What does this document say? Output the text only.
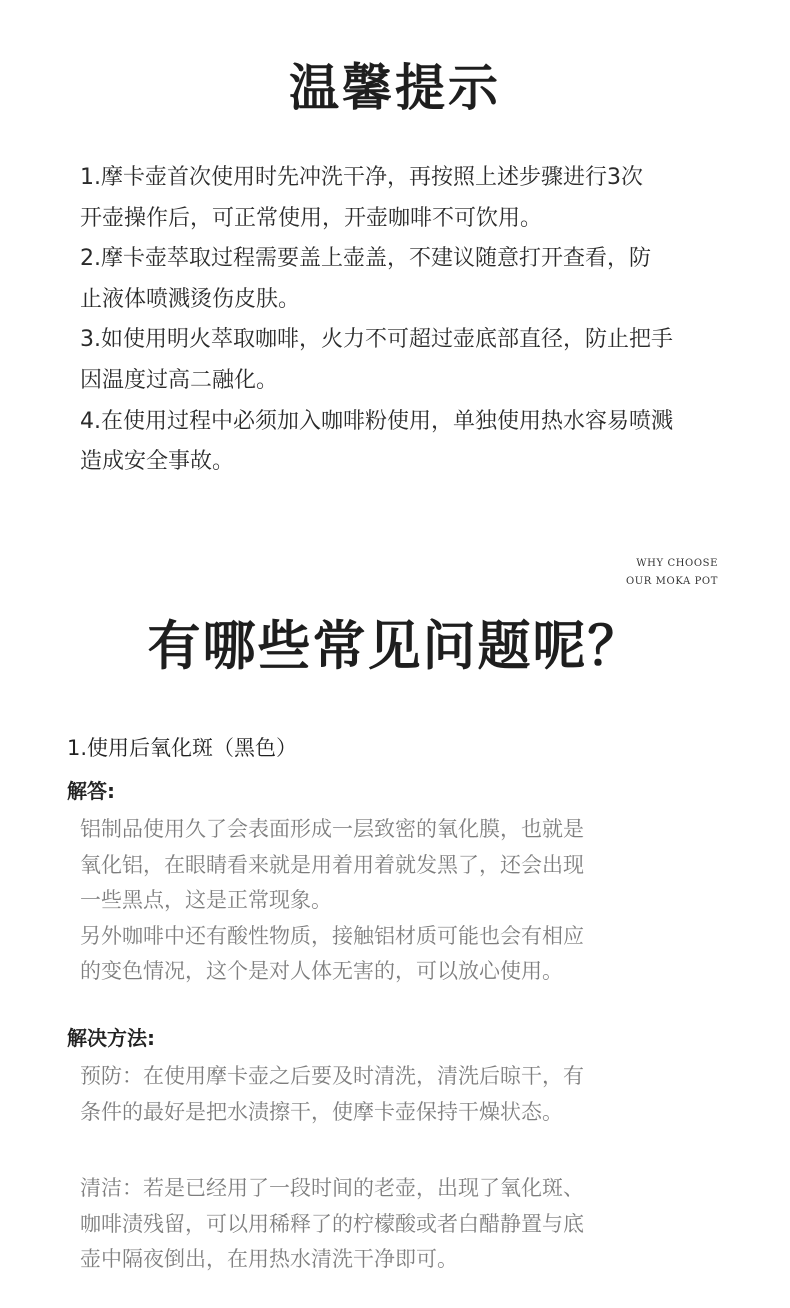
温馨提示
1.摩卡壶首次使用时先冲洗干净，再按照上述步骤进行3次
开壶操作后，可正常使用，开壶咖啡不可饮用。
2.摩卡壶萃取过程需要盖上壶盖，不建议随意打开查看，防
止液体喷溅烫伤皮肤。
3.如使用明火萃取咖啡，火力不可超过壶底部直径，防止把手
因温度过高二融化。
4.在使用过程中必须加入咖啡粉使用，单独使用热水容易喷溅
造成安全事故。
WHY CHOOSE
OUR MOKA POT
有哪些常见问题呢？
1.使用后氧化斑（黑色）
解答:

铝制品使用久了会表面形成一层致密的氧化膜，也就是

氧化铝，在眼睛看来就是用着用着就发黑了，还会出现

一些黑点，这是正常现象。

另外咖啡中还有酸性物质，接触铝材质可能也会有相应

的变色情况，这个是对人体无害的，可以放心使用。

解决方法:

预防：在使用摩卡壶之后要及时清洗，清洗后晾干，有

条件的最好是把水渍擦干，使摩卡壶保持干燥状态。

清洁：若是已经用了一段时间的老壶，出现了氧化斑、

咖啡渍残留，可以用稀释了的柠檬酸或者白醋静置与底

壶中隔夜倒出，在用热水清洗干净即可。
